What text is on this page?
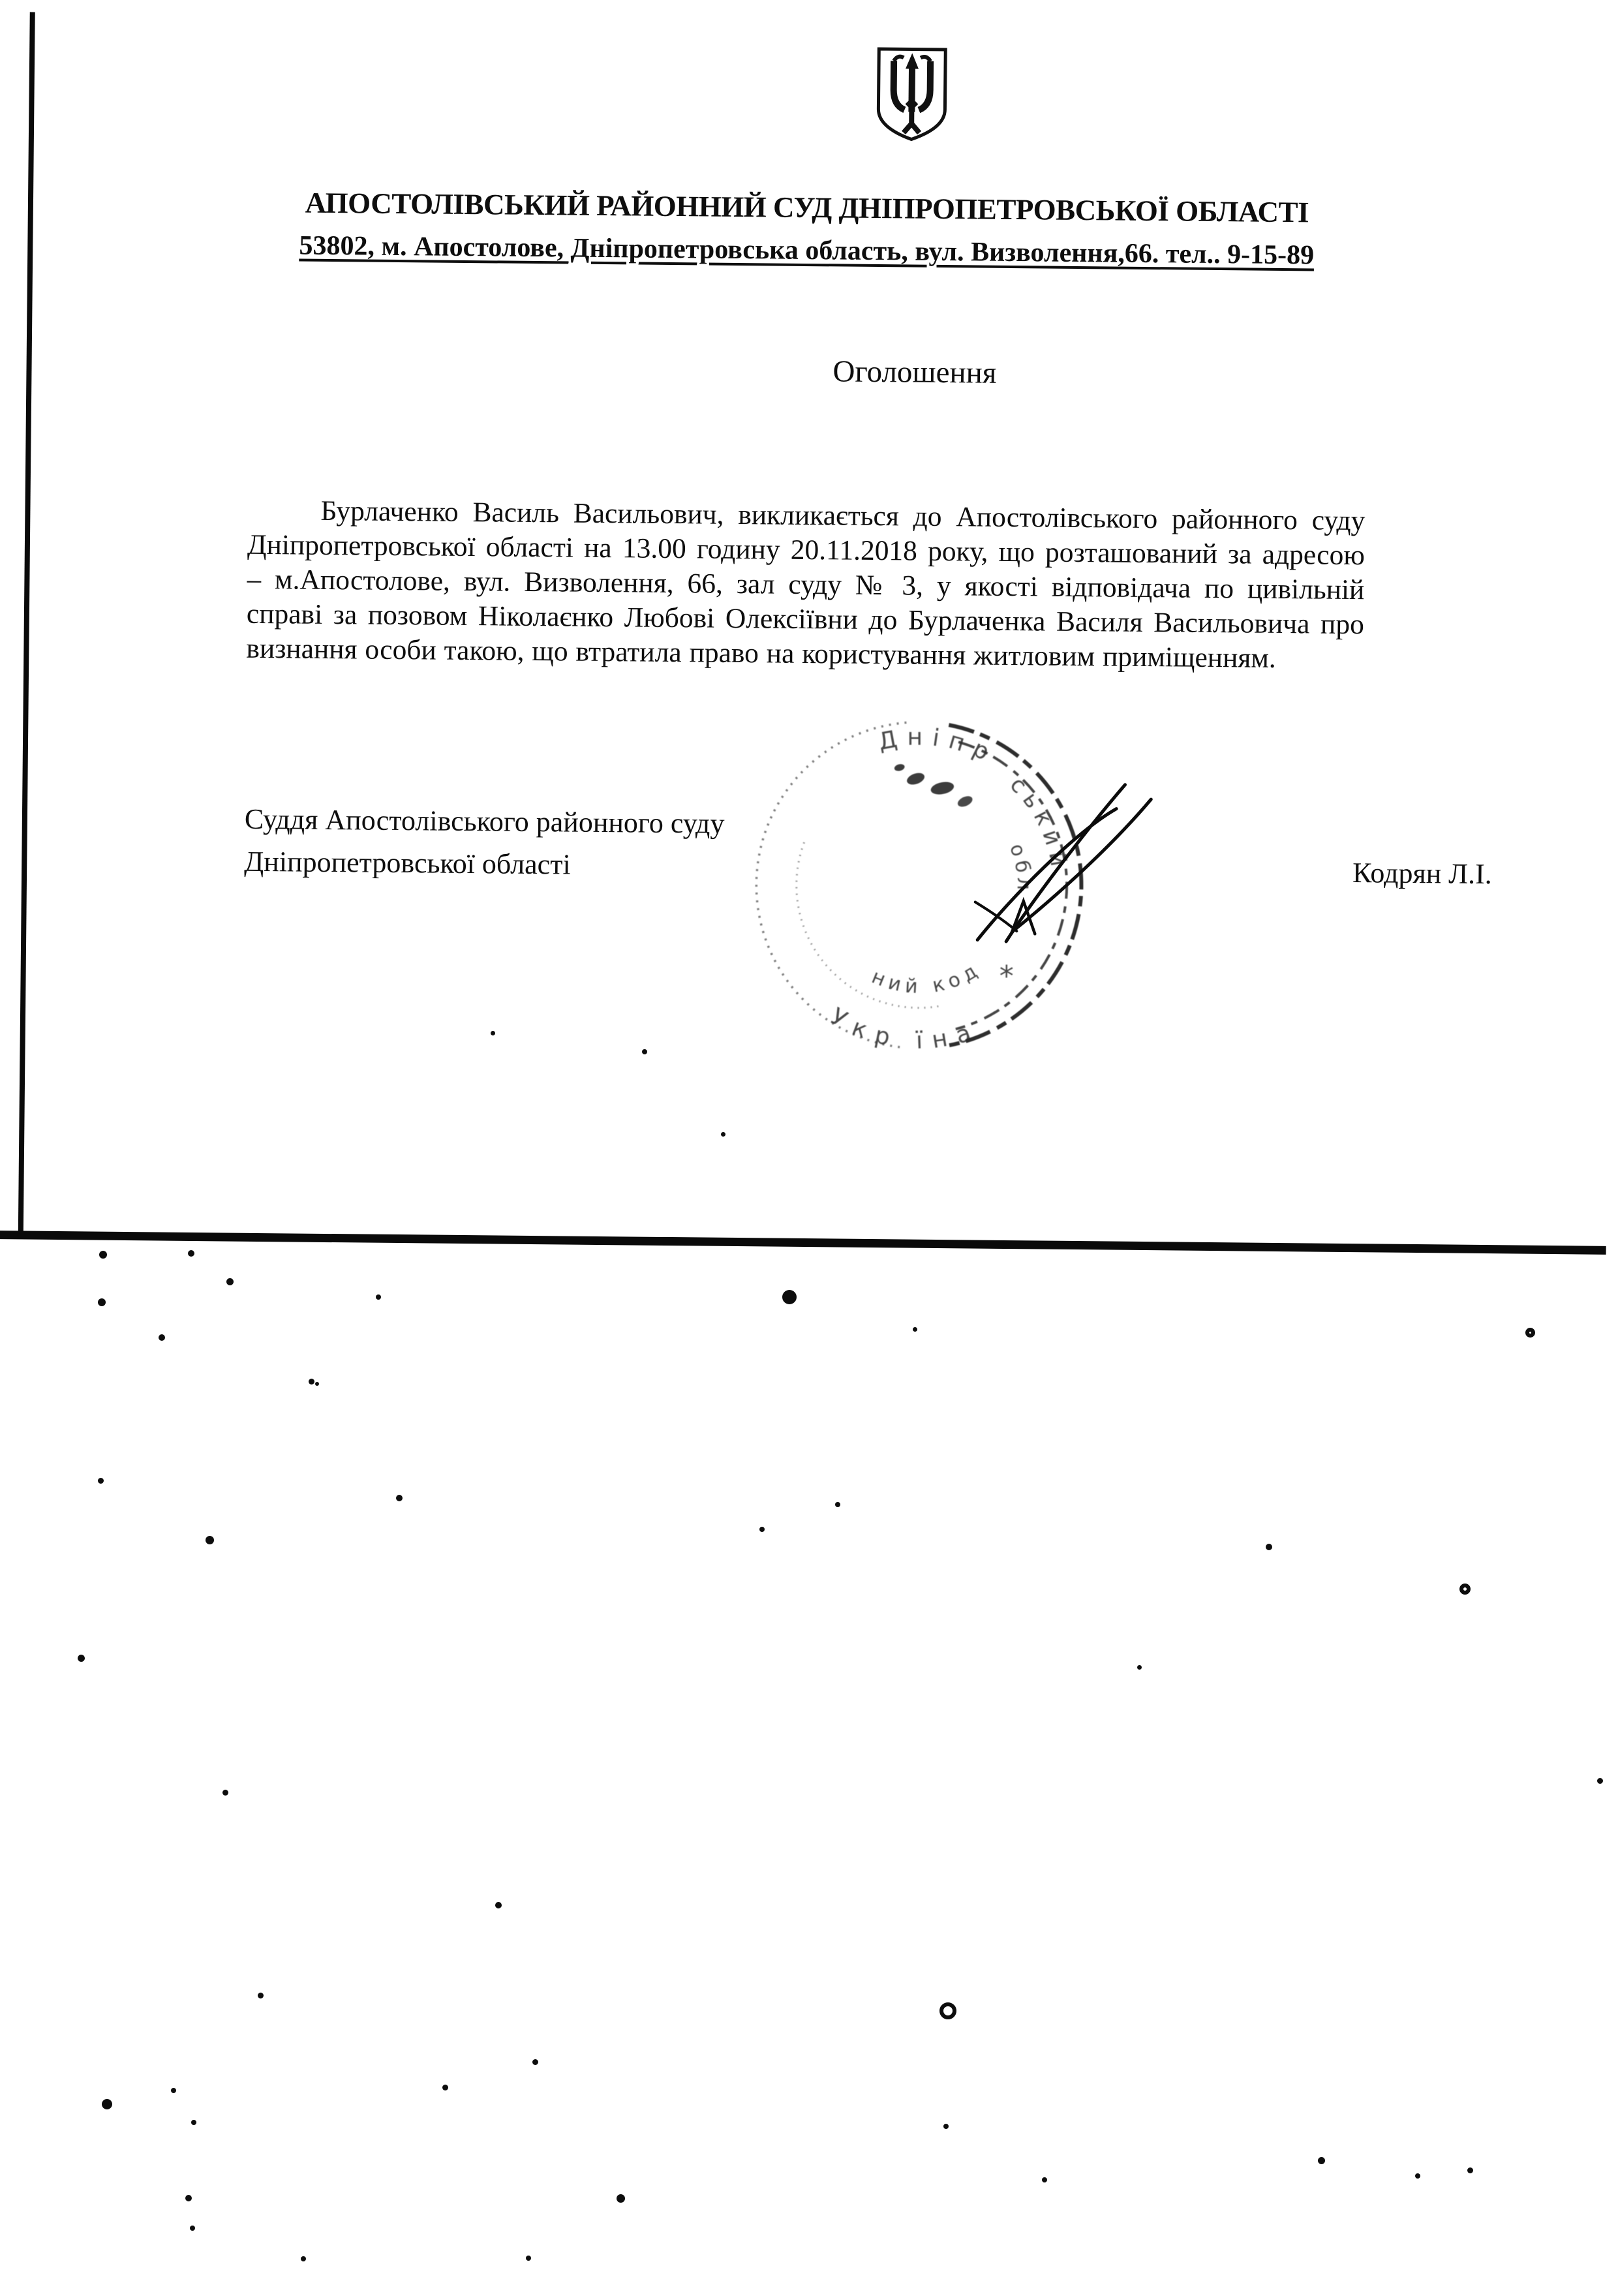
АПОСТОЛІВСЬКИЙ РАЙОННИЙ СУД ДНІПРОПЕТРОВСЬКОЇ ОБЛАСТІ
53802, м. Апостолове, Дніпропетровська область, вул. Визволення,66. тел.. 9-15-89
Оголошення
Бурлаченко Василь Васильович, викликається до Апостолівського районного суду
Дніпропетровської області на 13.00 годину 20.11.2018 року, що розташований за адресою
– м.Апостолове, вул. Визволення, 66, зал суду № 3, у якості відповідача по цивільній
справі за позовом Ніколаєнко Любові Олексіївни до Бурлаченка Василя Васильовича про
визнання особи такою, що втратила право на користування житловим приміщенням.
Суддя Апостолівського районного суду
Дніпропетровської області	Кодрян Л.І.
Дніпр
ський
обл
ний код
Укр їна
*
